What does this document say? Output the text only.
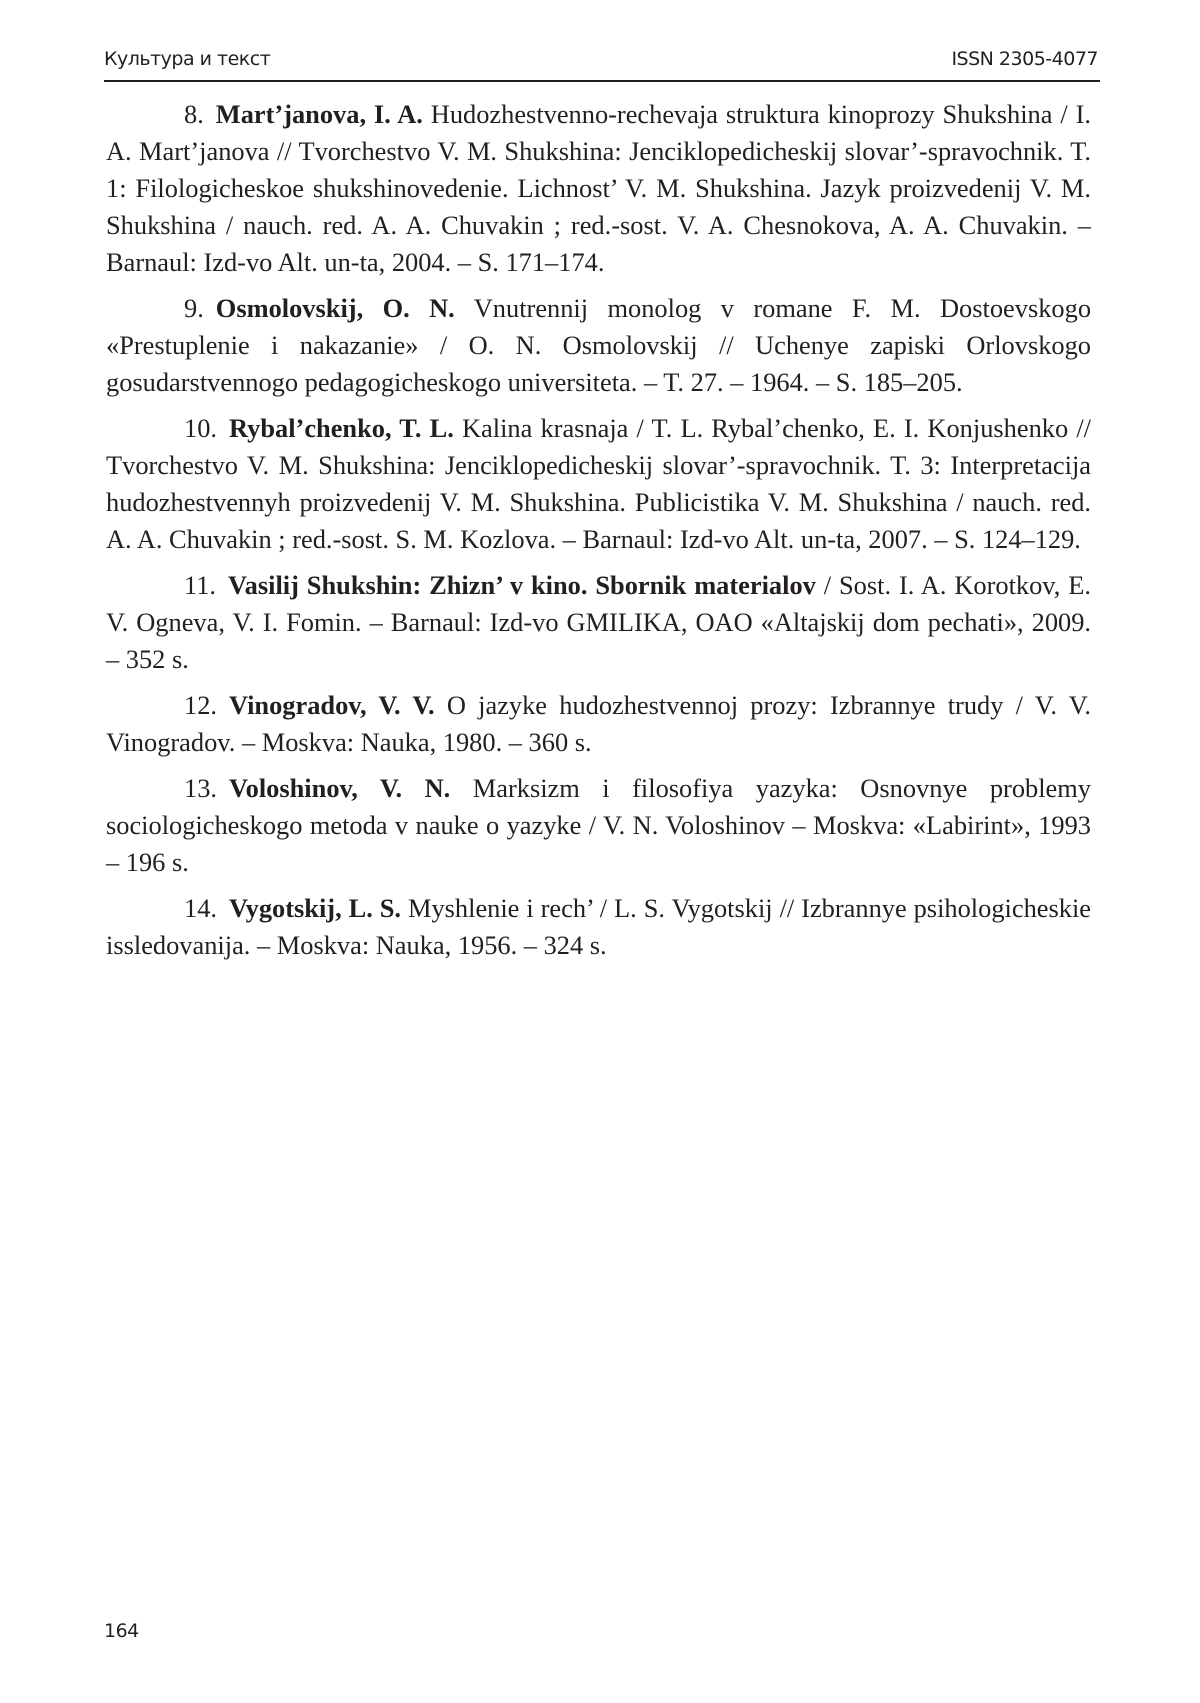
Культура и текст	ISSN 2305-4077

8. Mart’janova, I. A. Hudozhestvenno-rechevaja struktura kinoprozy Shukshina / I. A. Mart’janova // Tvorchestvo V. M. Shukshina: Jenciklopedicheskij slovar’-spravochnik. T. 1: Filologicheskoe shukshinovedenie. Lichnost’ V. M. Shukshina. Jazyk proizvedenij V. M. Shukshina / nauch. red. A. A. Chuvakin ; red.-sost. V. A. Chesnokova, A. A. Chuvakin. – Barnaul: Izd-vo Alt. un-ta, 2004. – S. 171–174.

9. Osmolovskij, O. N. Vnutrennij monolog v romane F. M. Dostoevskogo «Prestuplenie i nakazanie» / O. N. Osmolovskij // Uchenye zapiski Orlovskogo gosudarstvennogo pedagogicheskogo universiteta. – T. 27. – 1964. – S. 185–205.

10. Rybal’chenko, T. L. Kalina krasnaja / T. L. Rybal’chenko, E. I. Konjushenko // Tvorchestvo V. M. Shukshina: Jenciklopedicheskij slovar’-spravochnik. T. 3: Interpretacija hudozhestvennyh proizvedenij V. M. Shukshina. Publicistika V. M. Shukshina / nauch. red. A. A. Chuvakin ; red.-sost. S. M. Kozlova. – Barnaul: Izd-vo Alt. un-ta, 2007. – S. 124–129.

11. Vasilij Shukshin: Zhizn’ v kino. Sbornik materialov / Sost. I. A. Korotkov, E. V. Ogneva, V. I. Fomin. – Barnaul: Izd-vo GMILIKA, OAO «Altajskij dom pechati», 2009. – 352 s.

12. Vinogradov, V. V. O jazyke hudozhestvennoj prozy: Izbrannye trudy / V. V. Vinogradov. – Moskva: Nauka, 1980. – 360 s.

13. Voloshinov, V. N. Marksizm i filosofiya yazyka: Osnovnye problemy sociologicheskogo metoda v nauke o yazyke / V. N. Voloshinov – Moskva: «Labirint», 1993 – 196 s.

14. Vygotskij, L. S. Myshlenie i rech’ / L. S. Vygotskij // Izbrannye psihologicheskie issledovanija. – Moskva: Nauka, 1956. – 324 s.

164
